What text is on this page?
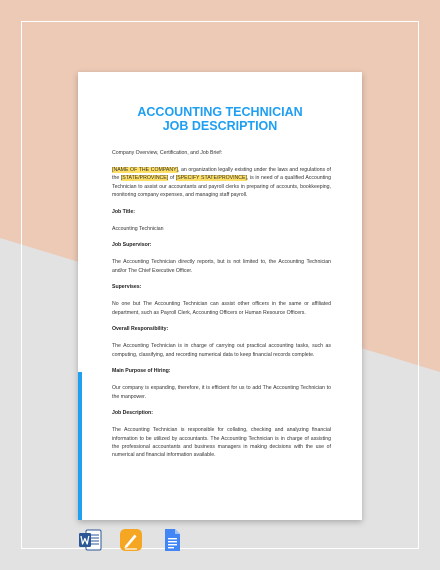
ACCOUNTING TECHNICIAN
JOB DESCRIPTION

Company Overview, Certification, and Job Brief:

[NAME OF THE COMPANY], an organization legally existing under the laws and regulations of the [STATE/PROVINCE] of [SPECIFY STATE/PROVINCE], is in need of a qualified Accounting Technician to assist our accountants and payroll clerks in preparing of accounts, bookkeeping, monitoring company expenses, and managing staff payroll.

Job Title:

Accounting Technician

Job Supervisor:

The Accounting Technician directly reports, but is not limited to, the Accounting Technician and/or The Chief Executive Officer.

Supervises:

No one but The Accounting Technician can assist other officers in the same or affiliated department, such as Payroll Clerk, Accounting Officers or Human Resource Officers.

Overall Responsibility:

The Accounting Technician is in charge of carrying out practical accounting tasks, such as computing, classifying, and recording numerical data to keep financial records complete.

Main Purpose of Hiring:

Our company is expanding, therefore, it is efficient for us to add The Accounting Technician to the manpower.

Job Description:

The Accounting Technician is responsible for collating, checking and analyzing financial information to be utilized by accountants. The Accounting Technician is in charge of assisting the professional accountants and business managers in making decisions with the use of numerical and financial information available.
